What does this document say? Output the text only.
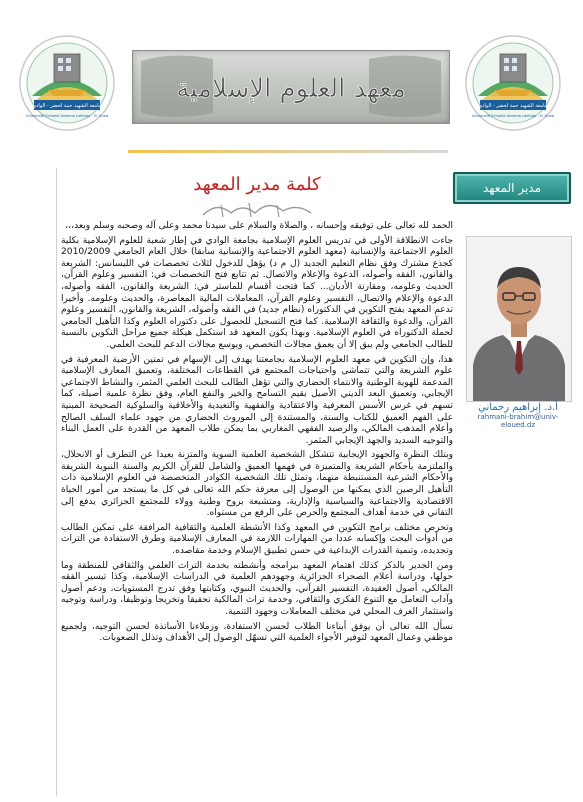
جامعة الشهيد حمة لخضر - الوادي
Université Echahid Hamma Lakhdar - El Oued
معهد العلوم الإسلامية
جامعة الشهيد حمة لخضر - الوادي
Université Echahid Hamma Lakhdar - El Oued
مدير المعهد
أ.د. إبراهيم رحماني
rahmani-brahim@univ-eloued.dz
كلمة مدير المعهد

الحمد لله تعالى على توفيقه وإحسانه ، والصلاة والسلام على سيدنا محمد وعلى آله وصحبه وسلم وبعد،،،

جاءت الانطلاقة الأولى في تدريس العلوم الإسلامية بجامعة الوادي في إطار شعبة للعلوم الإسلامية بكلية العلوم الاجتماعية والإنسانية (معهد العلوم الاجتماعية والإنسانية سابقا) خلال العام الجامعي 2010/2009 كجذع مشترك وفق نظام التعليم الجديد (ل م د) يؤهل للدخول لثلاث تخصصات في الليسانس: الشريعة والقانون، الفقه وأصوله، الدعوة والإعلام والاتصال. ثم تتابع فتح التخصصات في: التفسير وعلوم القرآن، الحديث وعلومه، ومقارنة الأديان... كما فتحت أقسام للماستر في: الشريعة والقانون، الفقه وأصوله، الدعوة والإعلام والاتصال، التفسير وعلوم القرآن، المعاملات المالية المعاصرة، والحديث وعلومه. وأخيرا تدعم المعهد بفتح التكوين في الدكتوراه (نظام جديد) في الفقه وأصوله، الشريعة والقانون، التفسير وعلوم القرآن، والدعوة والثقافة الإسلامية. كما فتح التسجيل للحصول على دكتوراه العلوم وكذا التأهيل الجامعي لحملة الدكتوراه في العلوم الإسلامية. وبهذا يكون المعهد قد استكمل هيكلة جميع مراحل التكوين بالنسبة للطالب الجامعي ولم يبق إلا أن يعمق مجالات التخصص، ويوسع مجالات الدعم للبحث العلمي.

هذا، وإن التكوين في معهد العلوم الإسلامية بجامعتنا يهدف إلى الإسهام في تمتين الأرضية المعرفية في علوم الشريعة والتي تتماشى واحتياجات المجتمع في القطاعات المختلفة، وتعميق المعارف الإسلامية المدعمة للهوية الوطنية والانتماء الحضاري والتي تؤهل الطالب للبحث العلمي المثمر، والنشاط الاجتماعي الإيجابي، وتعميق البعد الديني الأصيل بقيم التسامح والخير والنفع العام، وفق نظرة علمية أصيلة، كما تسهم في غرس الأسس المعرفية والاعتقادية والفقهية والتعبدية والأخلاقية والسلوكية الصحيحة المبنية على الفهم العميق للكتاب والسنة، والمستندة إلى الموروث الحضاري من جهود علماء السلف الصالح وأعلام المذهب المالكي، والرصيد الفقهي المغاربي بما يمكن طلاب المعهد من القدرة على العمل البناء والتوجيه السديد والجهد الإيجابي المثمر.

وبتلك النظرة والجهود الإيجابية تتشكل الشخصية العلمية السوية والمتزنة بعيدا عن التطرف أو الانحلال، والملتزمة بأحكام الشريعة والمتميزة في فهمها العميق والشامل للقرآن الكريم والسنة النبوية الشريفة والأحكام الشرعية المستنبطة منهما، وتمثل تلك الشخصية الكوادر المتخصصة في العلوم الإسلامية ذات التأهيل الرصين الذي يمكنها من الوصول إلى معرفة حكم الله تعالى في كل ما يستجد من أمور الحياة الاقتصادية والاجتماعية والسياسية والإدارية، ومتشبعة بروح وطنية وولاء للمجتمع الجزائري يدفع إلى التفاني في خدمة أهداف المجتمع والحرص على الرفع من مستواه.

وتحرص مختلف برامج التكوين في المعهد وكذا الأنشطة العلمية والثقافية المرافقة على تمكين الطالب من أدوات البحث وإكسابه عددا من المهارات اللازمة في المعارف الإسلامية وطرق الاستفادة من التراث وتجديده، وتنمية القدرات الإبداعية في حسن تطبيق الإسلام وخدمة مقاصده.

ومن الجدير بالذكر كذلك اهتمام المعهد ببرامجه وأنشطته بخدمة التراث العلمي والثقافي للمنطقة وما حولها، ودراسة أعلام الصحراء الجزائرية وجهودهم العلمية في الدراسات الإسلامية، وكذا تيسير الفقه المالكي، أصول العقيدة، التفسير القرآني، والحديث النبوي، وكتابتها وفق تدرج المستويات، ودعم أصول وآداب التعامل مع التنوع الفكري والثقافي، وخدمة تراث المالكية تحقيقا وتخريجا وتوظيفا، ودراسة وتوجيه واستثمار العرف المحلي في مختلف المعاملات وجهود التنمية.

نسأل الله تعالى أن يوفق أبناءنا الطلاب لحسن الاستفادة، وزملاءنا الأساتذة لحسن التوجيه، ولجميع موظفي وعمال المعهد لتوفير الأجواء العلمية التي تسهّل الوصول إلى الأهداف وتذلل الصعوبات.
